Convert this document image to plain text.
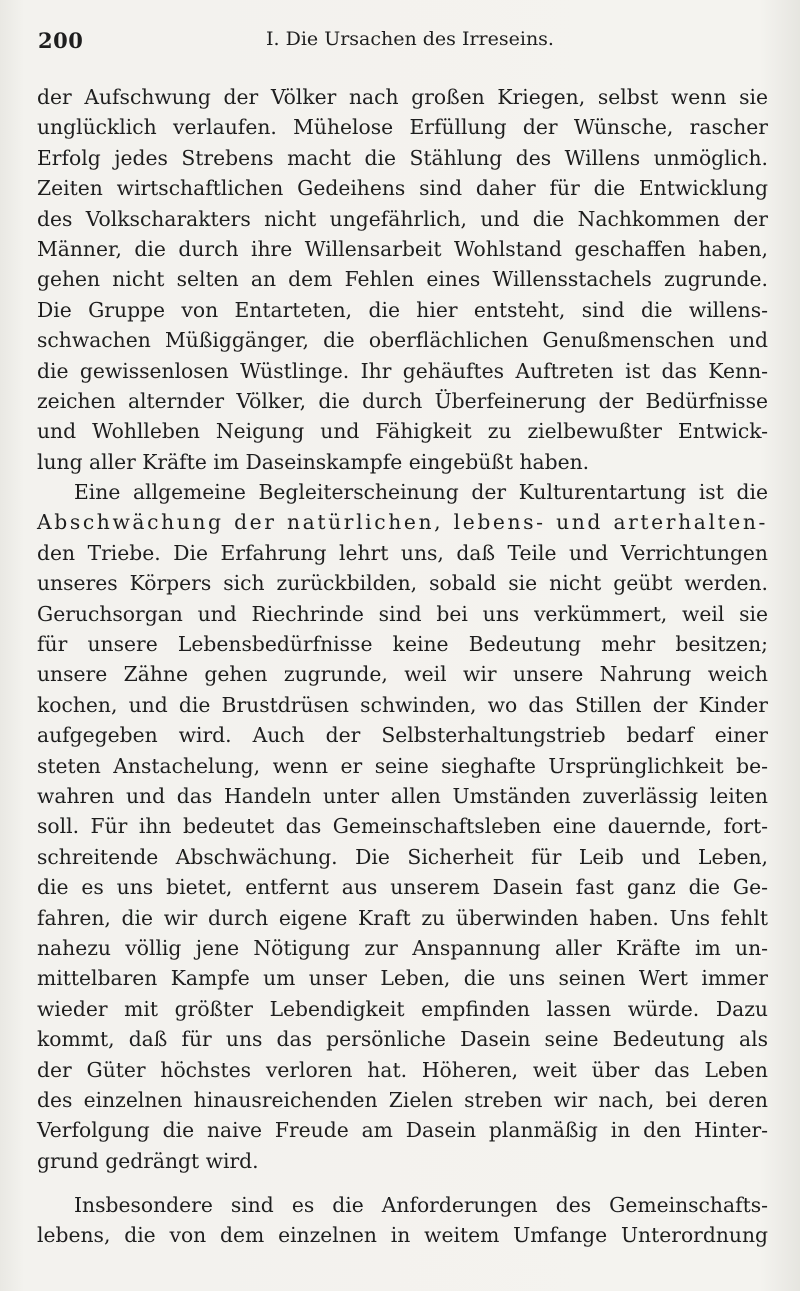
200	I. Die Ursachen des Irreseins.
der Aufschwung der Völker nach großen Kriegen, selbst wenn sie
unglücklich verlaufen. Mühelose Erfüllung der Wünsche, rascher
Erfolg jedes Strebens macht die Stählung des Willens unmöglich.
Zeiten wirtschaftlichen Gedeihens sind daher für die Entwicklung
des Volkscharakters nicht ungefährlich, und die Nachkommen der
Männer, die durch ihre Willensarbeit Wohlstand geschaffen haben,
gehen nicht selten an dem Fehlen eines Willensstachels zugrunde.
Die Gruppe von Entarteten, die hier entsteht, sind die willens-
schwachen Müßiggänger, die oberflächlichen Genußmenschen und
die gewissenlosen Wüstlinge. Ihr gehäuftes Auftreten ist das Kenn-
zeichen alternder Völker, die durch Überfeinerung der Bedürfnisse
und Wohlleben Neigung und Fähigkeit zu zielbewußter Entwick-
lung aller Kräfte im Daseinskampfe eingebüßt haben.
Eine allgemeine Begleiterscheinung der Kulturentartung ist die
Abschwächung der natürlichen, lebens- und arterhalten-
den Triebe. Die Erfahrung lehrt uns, daß Teile und Verrichtungen
unseres Körpers sich zurückbilden, sobald sie nicht geübt werden.
Geruchsorgan und Riechrinde sind bei uns verkümmert, weil sie
für unsere Lebensbedürfnisse keine Bedeutung mehr besitzen;
unsere Zähne gehen zugrunde, weil wir unsere Nahrung weich
kochen, und die Brustdrüsen schwinden, wo das Stillen der Kinder
aufgegeben wird. Auch der Selbsterhaltungstrieb bedarf einer
steten Anstachelung, wenn er seine sieghafte Ursprünglichkeit be-
wahren und das Handeln unter allen Umständen zuverlässig leiten
soll. Für ihn bedeutet das Gemeinschaftsleben eine dauernde, fort-
schreitende Abschwächung. Die Sicherheit für Leib und Leben,
die es uns bietet, entfernt aus unserem Dasein fast ganz die Ge-
fahren, die wir durch eigene Kraft zu überwinden haben. Uns fehlt
nahezu völlig jene Nötigung zur Anspannung aller Kräfte im un-
mittelbaren Kampfe um unser Leben, die uns seinen Wert immer
wieder mit größter Lebendigkeit empfinden lassen würde. Dazu
kommt, daß für uns das persönliche Dasein seine Bedeutung als
der Güter höchstes verloren hat. Höheren, weit über das Leben
des einzelnen hinausreichenden Zielen streben wir nach, bei deren
Verfolgung die naive Freude am Dasein planmäßig in den Hinter-
grund gedrängt wird.
Insbesondere sind es die Anforderungen des Gemeinschafts-
lebens, die von dem einzelnen in weitem Umfange Unterordnung
